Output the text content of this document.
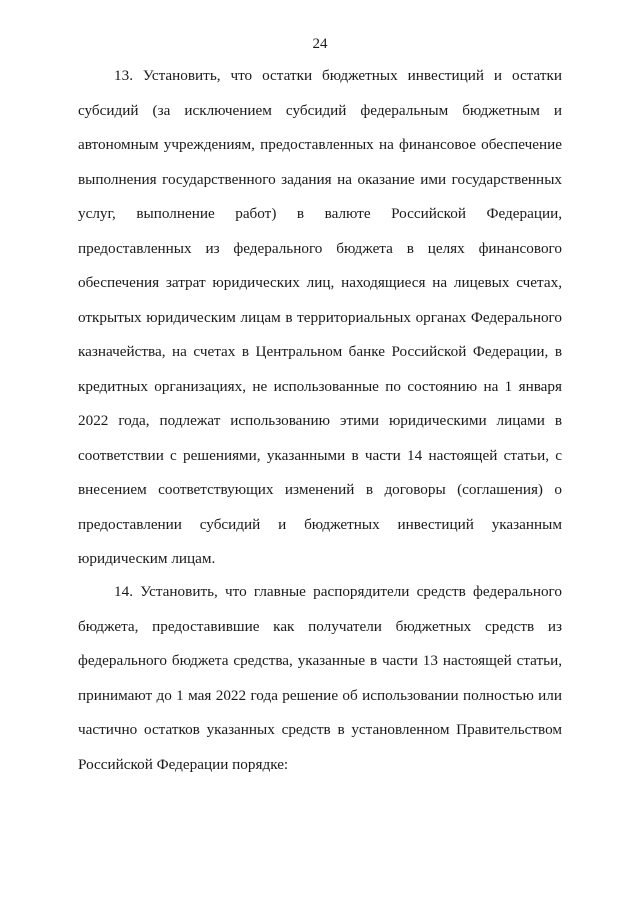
24
13. Установить, что остатки бюджетных инвестиций и остатки
субсидий (за исключением субсидий федеральным бюджетным и
автономным учреждениям, предоставленных на финансовое обеспечение
выполнения государственного задания на оказание ими государственных
услуг, выполнение работ) в валюте Российской Федерации,
предоставленных из федерального бюджета в целях финансового
обеспечения затрат юридических лиц, находящиеся на лицевых счетах,
открытых юридическим лицам в территориальных органах Федерального
казначейства, на счетах в Центральном банке Российской Федерации, в
кредитных организациях, не использованные по состоянию на 1 января
2022 года, подлежат использованию этими юридическими лицами в
соответствии с решениями, указанными в части 14 настоящей статьи, с
внесением соответствующих изменений в договоры (соглашения) о
предоставлении субсидий и бюджетных инвестиций указанным
юридическим лицам.
14. Установить, что главные распорядители средств федерального
бюджета, предоставившие как получатели бюджетных средств из
федерального бюджета средства, указанные в части 13 настоящей статьи,
принимают до 1 мая 2022 года решение об использовании полностью или
частично остатков указанных средств в установленном Правительством
Российской Федерации порядке:
